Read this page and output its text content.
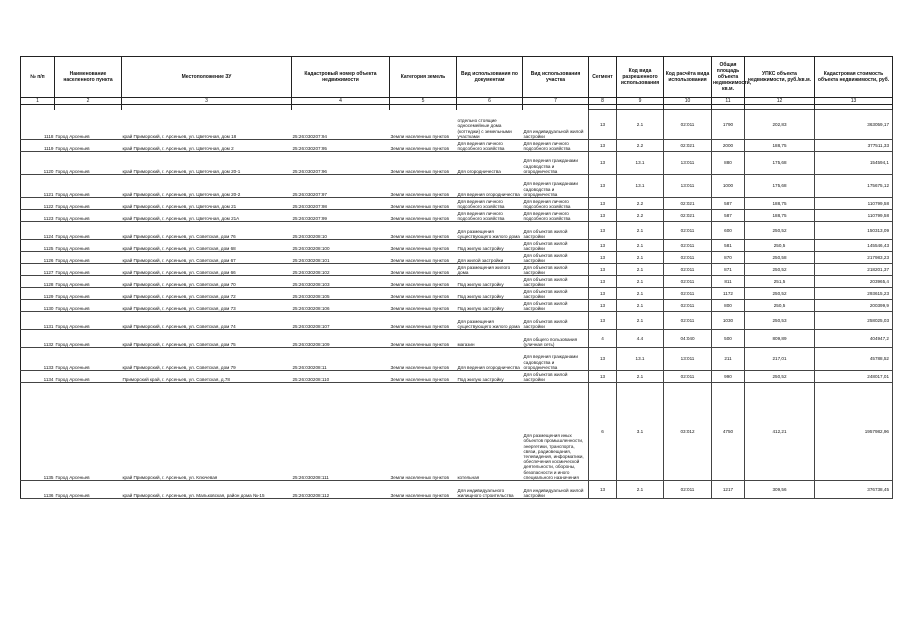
№ п/п	Наименование населенного пункта	Местоположение ЗУ	Кадастровый номер объекта недвижимости	Категория земель	Вид использования по документам	Вид использования участка	Сегмент	Код вида разрешенного использования	Код расчёта вида использования	Общая площадь объекта недвижимости, кв.м.	УПКС объекта недвижимости, руб./кв.м.	Кадастровая стоимость объекта недвижимости, руб.
1	2	3	4	5	6	7	8	9	10	11	12	13

1118	Город Арсеньев	край Приморский, г. Арсеньев, ул. Цветочная, дом 18	25:26:030207:94	Земли населенных пунктов	отдельно стоящие односемейные дома (коттеджи) с земельными участками	Для индивидуальной жилой застройки	13	2.1	02:011	1790	202,83	363059,17
1119	Город Арсеньев	край Приморский, г. Арсеньев, ул. Цветочная, дом 2	25:26:030207:95	Земли населенных пунктов	Для ведения личного подсобного хозяйства	Для ведения личного подсобного хозяйства	13	2.2	02:021	2000	188,75	377511,33
1120	Город Арсеньев	край Приморский, г. Арсеньев, ул. Цветочная, дом 20-1	25:26:030207:96	Земли населенных пунктов	Для огородничества	Для ведения гражданами садоводства и огородничества	13	13.1	13:011	880	175,68	154594,1
1121	Город Арсеньев	край Приморский, г. Арсеньев, ул. Цветочная, дом 20-2	25:26:030207:97	Земли населенных пунктов	Для ведения огородничества	Для ведения гражданами садоводства и огородничества	13	13.1	13:011	1000	175,68	175675,12
1122	Город Арсеньев	край Приморский, г. Арсеньев, ул. Цветочная, дом 21	25:26:030207:98	Земли населенных пунктов	Для ведения личного подсобного хозяйства	Для ведения личного подсобного хозяйства	13	2.2	02:021	587	188,75	110799,58
1123	Город Арсеньев	край Приморский, г. Арсеньев, ул. Цветочная, дом 21А	25:26:030207:99	Земли населенных пунктов	Для ведения личного подсобного хозяйства	Для ведения личного подсобного хозяйства	13	2.2	02:021	587	188,75	110799,58
1124	Город Арсеньев	край Приморский, г. Арсеньев, ул. Советская, дом 76	25:26:030208:10	Земли населенных пунктов	Для размещения существующего жилого дома	Для объектов жилой застройки	13	2.1	02:011	600	250,52	150313,09
1125	Город Арсеньев	край Приморский, г. Арсеньев, ул. Советская, дом 68	25:26:030208:100	Земли населенных пунктов	Под жилую застройку	Для объектов жилой застройки	13	2.1	02:011	581	250,5	145546,43
1126	Город Арсеньев	край Приморский, г. Арсеньев, ул. Советская, дом 67	25:26:030208:101	Земли населенных пунктов	Для жилой застройки	Для объектов жилой застройки	13	2.1	02:011	870	250,58	217983,23
1127	Город Арсеньев	край Приморский, г. Арсеньев, ул. Советская, дом 66	25:26:030208:102	Земли населенных пунктов	Для размещения жилого дома	Для объектов жилой застройки	13	2.1	02:011	871	250,52	218201,37
1128	Город Арсеньев	край Приморский, г. Арсеньев, ул. Советская, дом 70	25:26:030208:103	Земли населенных пунктов	Под жилую застройку	Для объектов жилой застройки	13	2.1	02:011	811	251,5	203965,4
1129	Город Арсеньев	край Приморский, г. Арсеньев, ул. Советская, дом 72	25:26:030208:105	Земли населенных пунктов	Под жилую застройку	Для объектов жилой застройки	13	2.1	02:011	1172	250,52	293615,23
1130	Город Арсеньев	край Приморский, г. Арсеньев, ул. Советская, дом 73	25:26:030208:106	Земли населенных пунктов	Под жилую застройку	Для объектов жилой застройки	13	2.1	02:011	800	250,5	200399,9
1131	Город Арсеньев	край Приморский, г. Арсеньев, ул. Советская, дом 74	25:26:030208:107	Земли населенных пунктов	Для размещения существующего жилого дома	Для объектов жилой застройки	13	2.1	02:011	1030	250,53	258025,03
1132	Город Арсеньев	край Приморский, г. Арсеньев, ул. Советская, дом 75	25:26:030208:109	Земли населенных пунктов	магазин	Для общего пользования (уличная сеть)	4	4.4	04:040	500	809,89	404947,2
1133	Город Арсеньев	край Приморский, г. Арсеньев, ул. Советская, дом 79	25:26:030208:11	Земли населенных пунктов	Для ведения огородничества	Для ведения гражданами садоводства и огородничества	13	13.1	13:011	211	217,01	45788,52
1134	Город Арсеньев	Приморский край, г. Арсеньев, ул. Советская, д.78	25:26:030208:110	Земли населенных пунктов	Под жилую застройку	Для объектов жилой застройки	13	2.1	02:011	990	250,52	248017,01
1135	Город Арсеньев	край Приморский, г. Арсеньев, ул. Ключевая	25:26:030208:111	Земли населенных пунктов	котельная	Для размещения иных объектов промышленности, энергетики, транспорта, связи, радиовещания, телевидения, информатики, обеспечения космической деятельности, обороны, безопасности и иного специального назначения	6	3.1	03:012	4750	412,21	1957982,96
1136	Город Арсеньев	край Приморский, г. Арсеньев, ул. Мальковская, район дома №-15	25:26:030208:112	Земли населенных пунктов	Для индивидуального жилищного строительства	Для индивидуальной жилой застройки	13	2.1	02:011	1217	309,56	376738,45
